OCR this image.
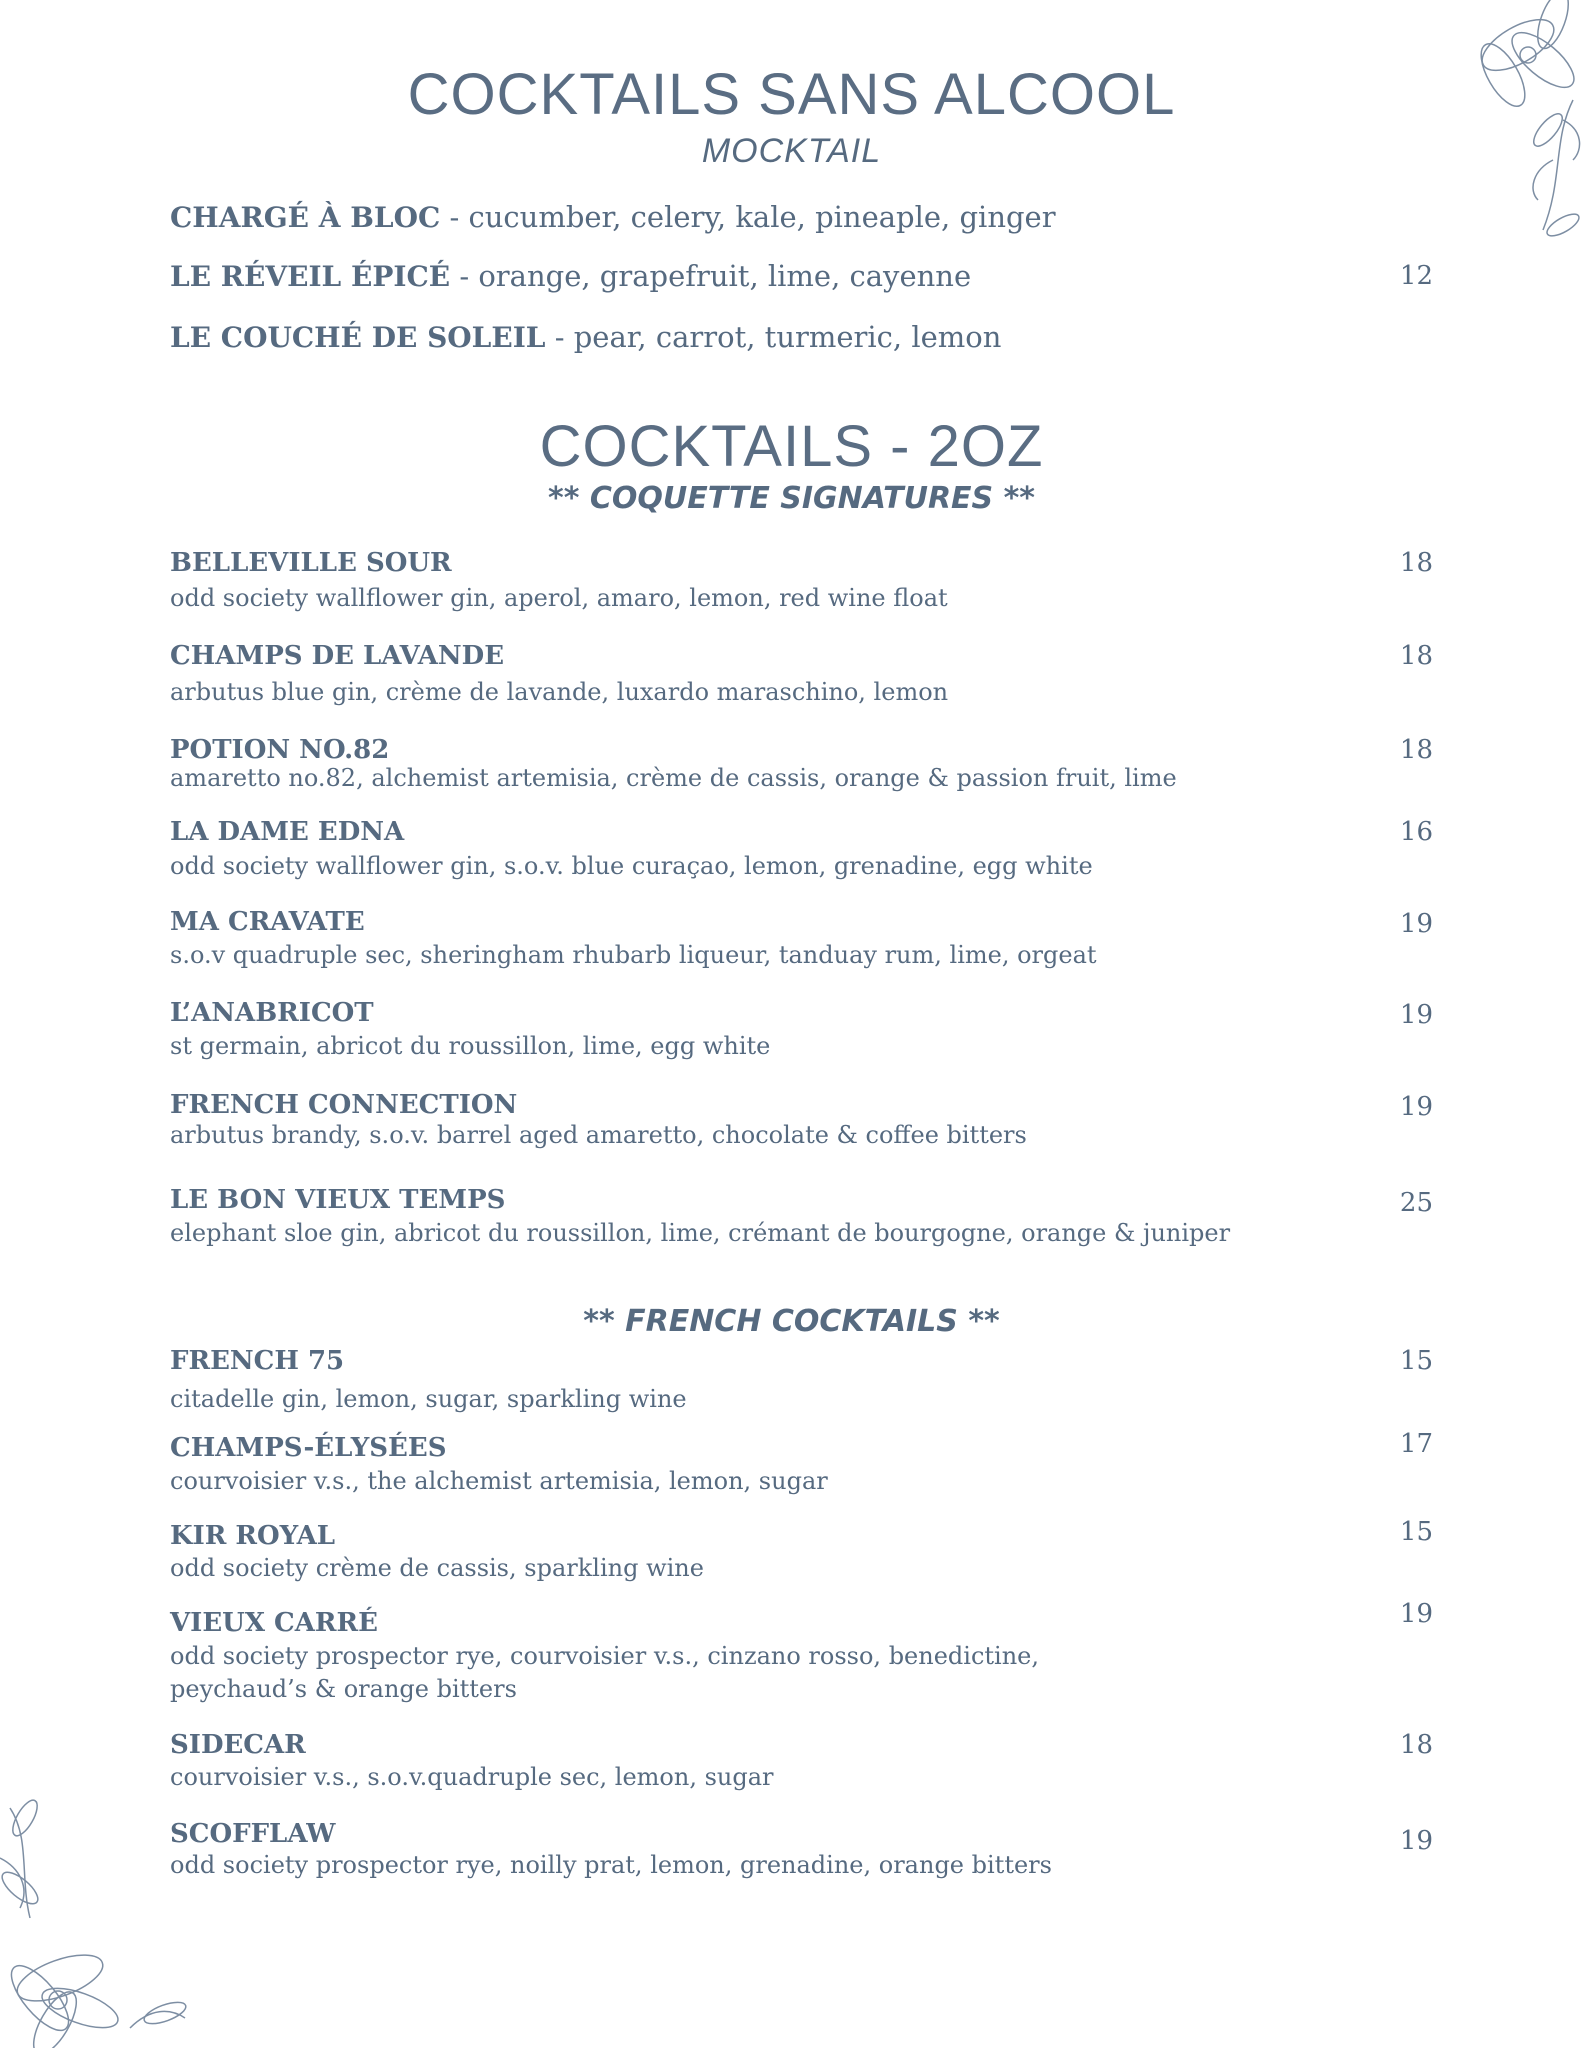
COCKTAILS SANS ALCOOL
MOCKTAIL
CHARGÉ À BLOC - cucumber, celery, kale, pineaple, ginger
LE RÉVEIL ÉPICÉ - orange, grapefruit, lime, cayenne
LE COUCHÉ DE SOLEIL - pear, carrot, turmeric, lemon
12
COCKTAILS - 2OZ
** COQUETTE SIGNATURES **
BELLEVILLE SOUR
odd society wallflower gin, aperol, amaro, lemon, red wine float
18
CHAMPS DE LAVANDE
arbutus blue gin, crème de lavande, luxardo maraschino, lemon
18
POTION NO.82
amaretto no.82, alchemist artemisia, crème de cassis, orange & passion fruit, lime
18
LA DAME EDNA
odd society wallflower gin, s.o.v. blue curaçao, lemon, grenadine, egg white
16
MA CRAVATE
s.o.v quadruple sec, sheringham rhubarb liqueur, tanduay rum, lime, orgeat
19
L’ANABRICOT
st germain, abricot du roussillon, lime, egg white
19
FRENCH CONNECTION
arbutus brandy, s.o.v. barrel aged amaretto, chocolate & coffee bitters
19
LE BON VIEUX TEMPS
elephant sloe gin, abricot du roussillon, lime, crémant de bourgogne, orange & juniper
25
** FRENCH COCKTAILS **
FRENCH 75
citadelle gin, lemon, sugar, sparkling wine
15
CHAMPS-ÉLYSÉES
courvoisier v.s., the alchemist artemisia, lemon, sugar
17
KIR ROYAL
odd society crème de cassis, sparkling wine
15
VIEUX CARRÉ
odd society prospector rye, courvoisier v.s., cinzano rosso, benedictine,
peychaud’s & orange bitters
19
SIDECAR
courvoisier v.s., s.o.v.quadruple sec, lemon, sugar
18
SCOFFLAW
odd society prospector rye, noilly prat, lemon, grenadine, orange bitters
19
